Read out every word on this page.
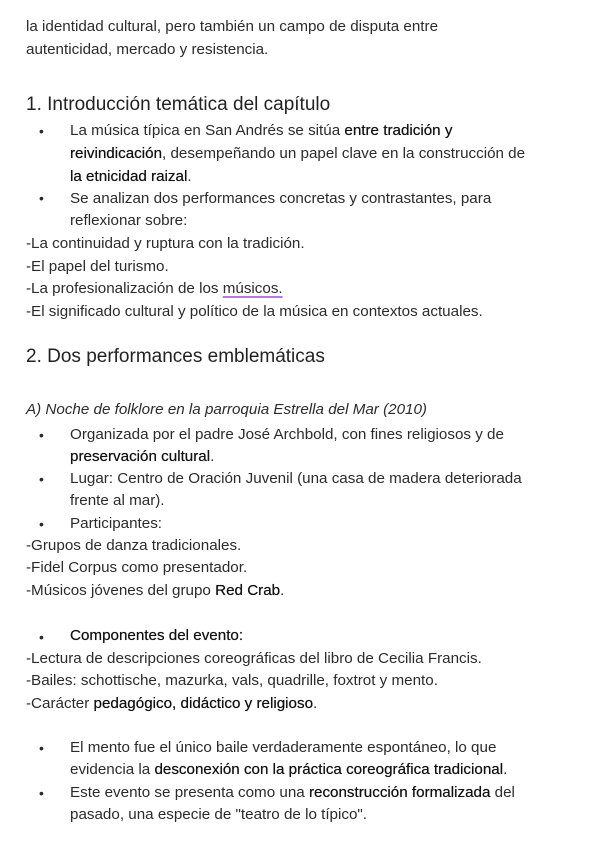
la identidad cultural, pero también un campo de disputa entre
autenticidad, mercado y resistencia.
1. Introducción temática del capítulo
• La música típica en San Andrés se sitúa entre tradición y
reivindicación, desempeñando un papel clave en la construcción de
la etnicidad raizal.
• Se analizan dos performances concretas y contrastantes, para
reflexionar sobre:
-La continuidad y ruptura con la tradición.
-El papel del turismo.
-La profesionalización de los músicos.
-El significado cultural y político de la música en contextos actuales.
2. Dos performances emblemáticas
A) Noche de folklore en la parroquia Estrella del Mar (2010)
• Organizada por el padre José Archbold, con fines religiosos y de
preservación cultural.
• Lugar: Centro de Oración Juvenil (una casa de madera deteriorada
frente al mar).
• Participantes:
-Grupos de danza tradicionales.
-Fidel Corpus como presentador.
-Músicos jóvenes del grupo Red Crab.
• Componentes del evento:
-Lectura de descripciones coreográficas del libro de Cecilia Francis.
-Bailes: schottische, mazurka, vals, quadrille, foxtrot y mento.
-Carácter pedagógico, didáctico y religioso.
• El mento fue el único baile verdaderamente espontáneo, lo que
evidencia la desconexión con la práctica coreográfica tradicional.
• Este evento se presenta como una reconstrucción formalizada del
pasado, una especie de "teatro de lo típico".
